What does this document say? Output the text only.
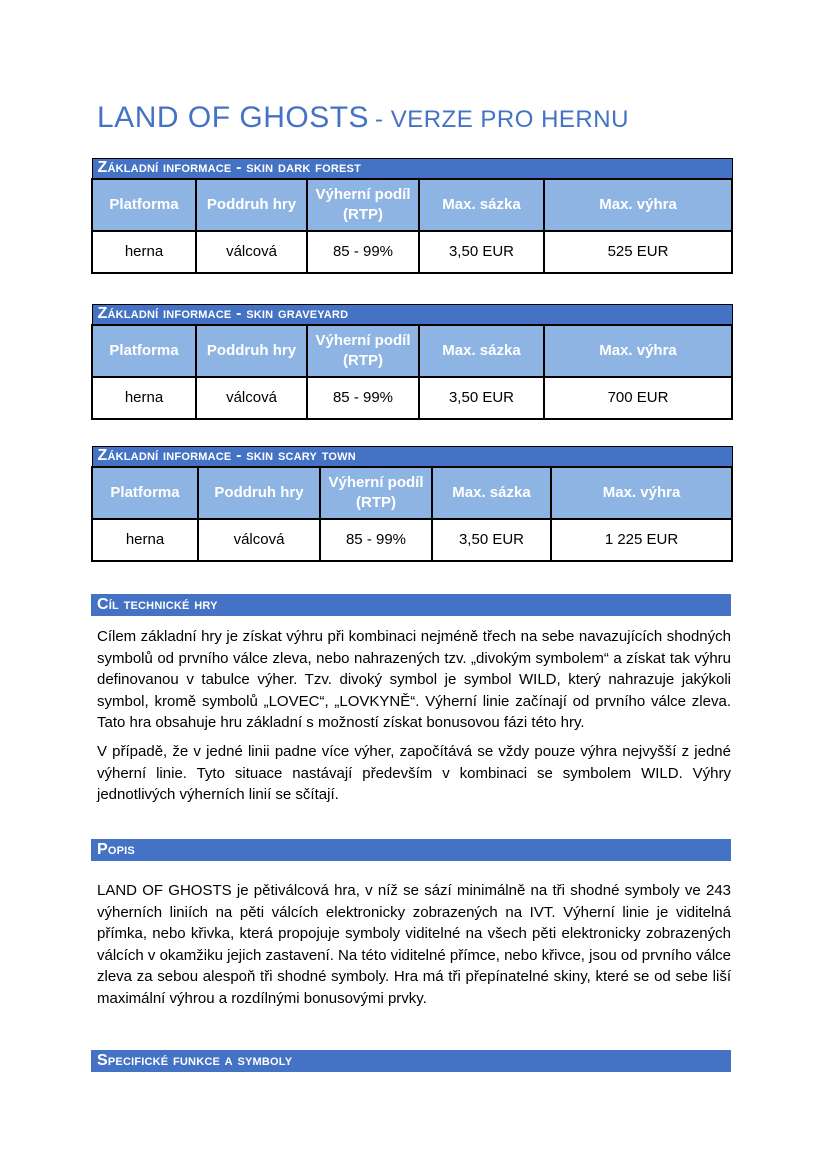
LAND OF GHOSTS - VERZE PRO HERNU
Základní informace - skin dark forest				
Platforma	Poddruh hry	Výherní podíl (RTP)	Max. sázka	Max. výhra
herna	válcová	85 - 99%	3,50 EUR	525 EUR
Základní informace - skin graveyard				
Platforma	Poddruh hry	Výherní podíl (RTP)	Max. sázka	Max. výhra
herna	válcová	85 - 99%	3,50 EUR	700 EUR
Základní informace - skin scary town				
Platforma	Poddruh hry	Výherní podíl (RTP)	Max. sázka	Max. výhra
herna	válcová	85 - 99%	3,50 EUR	1 225 EUR
Cíl technické hry

Cílem základní hry je získat výhru při kombinaci nejméně třech na sebe navazujících shodných symbolů od prvního válce zleva, nebo nahrazených tzv. „divokým symbolem“ a získat tak výhru definovanou v tabulce výher. Tzv. divoký symbol je symbol WILD, který nahrazuje jakýkoli symbol, kromě symbolů „LOVEC“, „LOVKYNĚ“. Výherní linie začínají od prvního válce zleva. Tato hra obsahuje hru základní s možností získat bonusovou fázi této hry.

V případě, že v jedné linii padne více výher, započítává se vždy pouze výhra nejvyšší z jedné výherní linie. Tyto situace nastávají především v kombinaci se symbolem WILD. Výhry jednotlivých výherních linií se sčítají.

Popis

LAND OF GHOSTS je pětiválcová hra, v níž se sází minimálně na tři shodné symboly ve 243 výherních liniích na pěti válcích elektronicky zobrazených na IVT. Výherní linie je viditelná přímka, nebo křivka, která propojuje symboly viditelné na všech pěti elektronicky zobrazených válcích v okamžiku jejich zastavení. Na této viditelné přímce, nebo křivce, jsou od prvního válce zleva za sebou alespoň tři shodné symboly. Hra má tři přepínatelné skiny, které se od sebe liší maximální výhrou a rozdílnými bonusovými prvky.

Specifické funkce a symboly
